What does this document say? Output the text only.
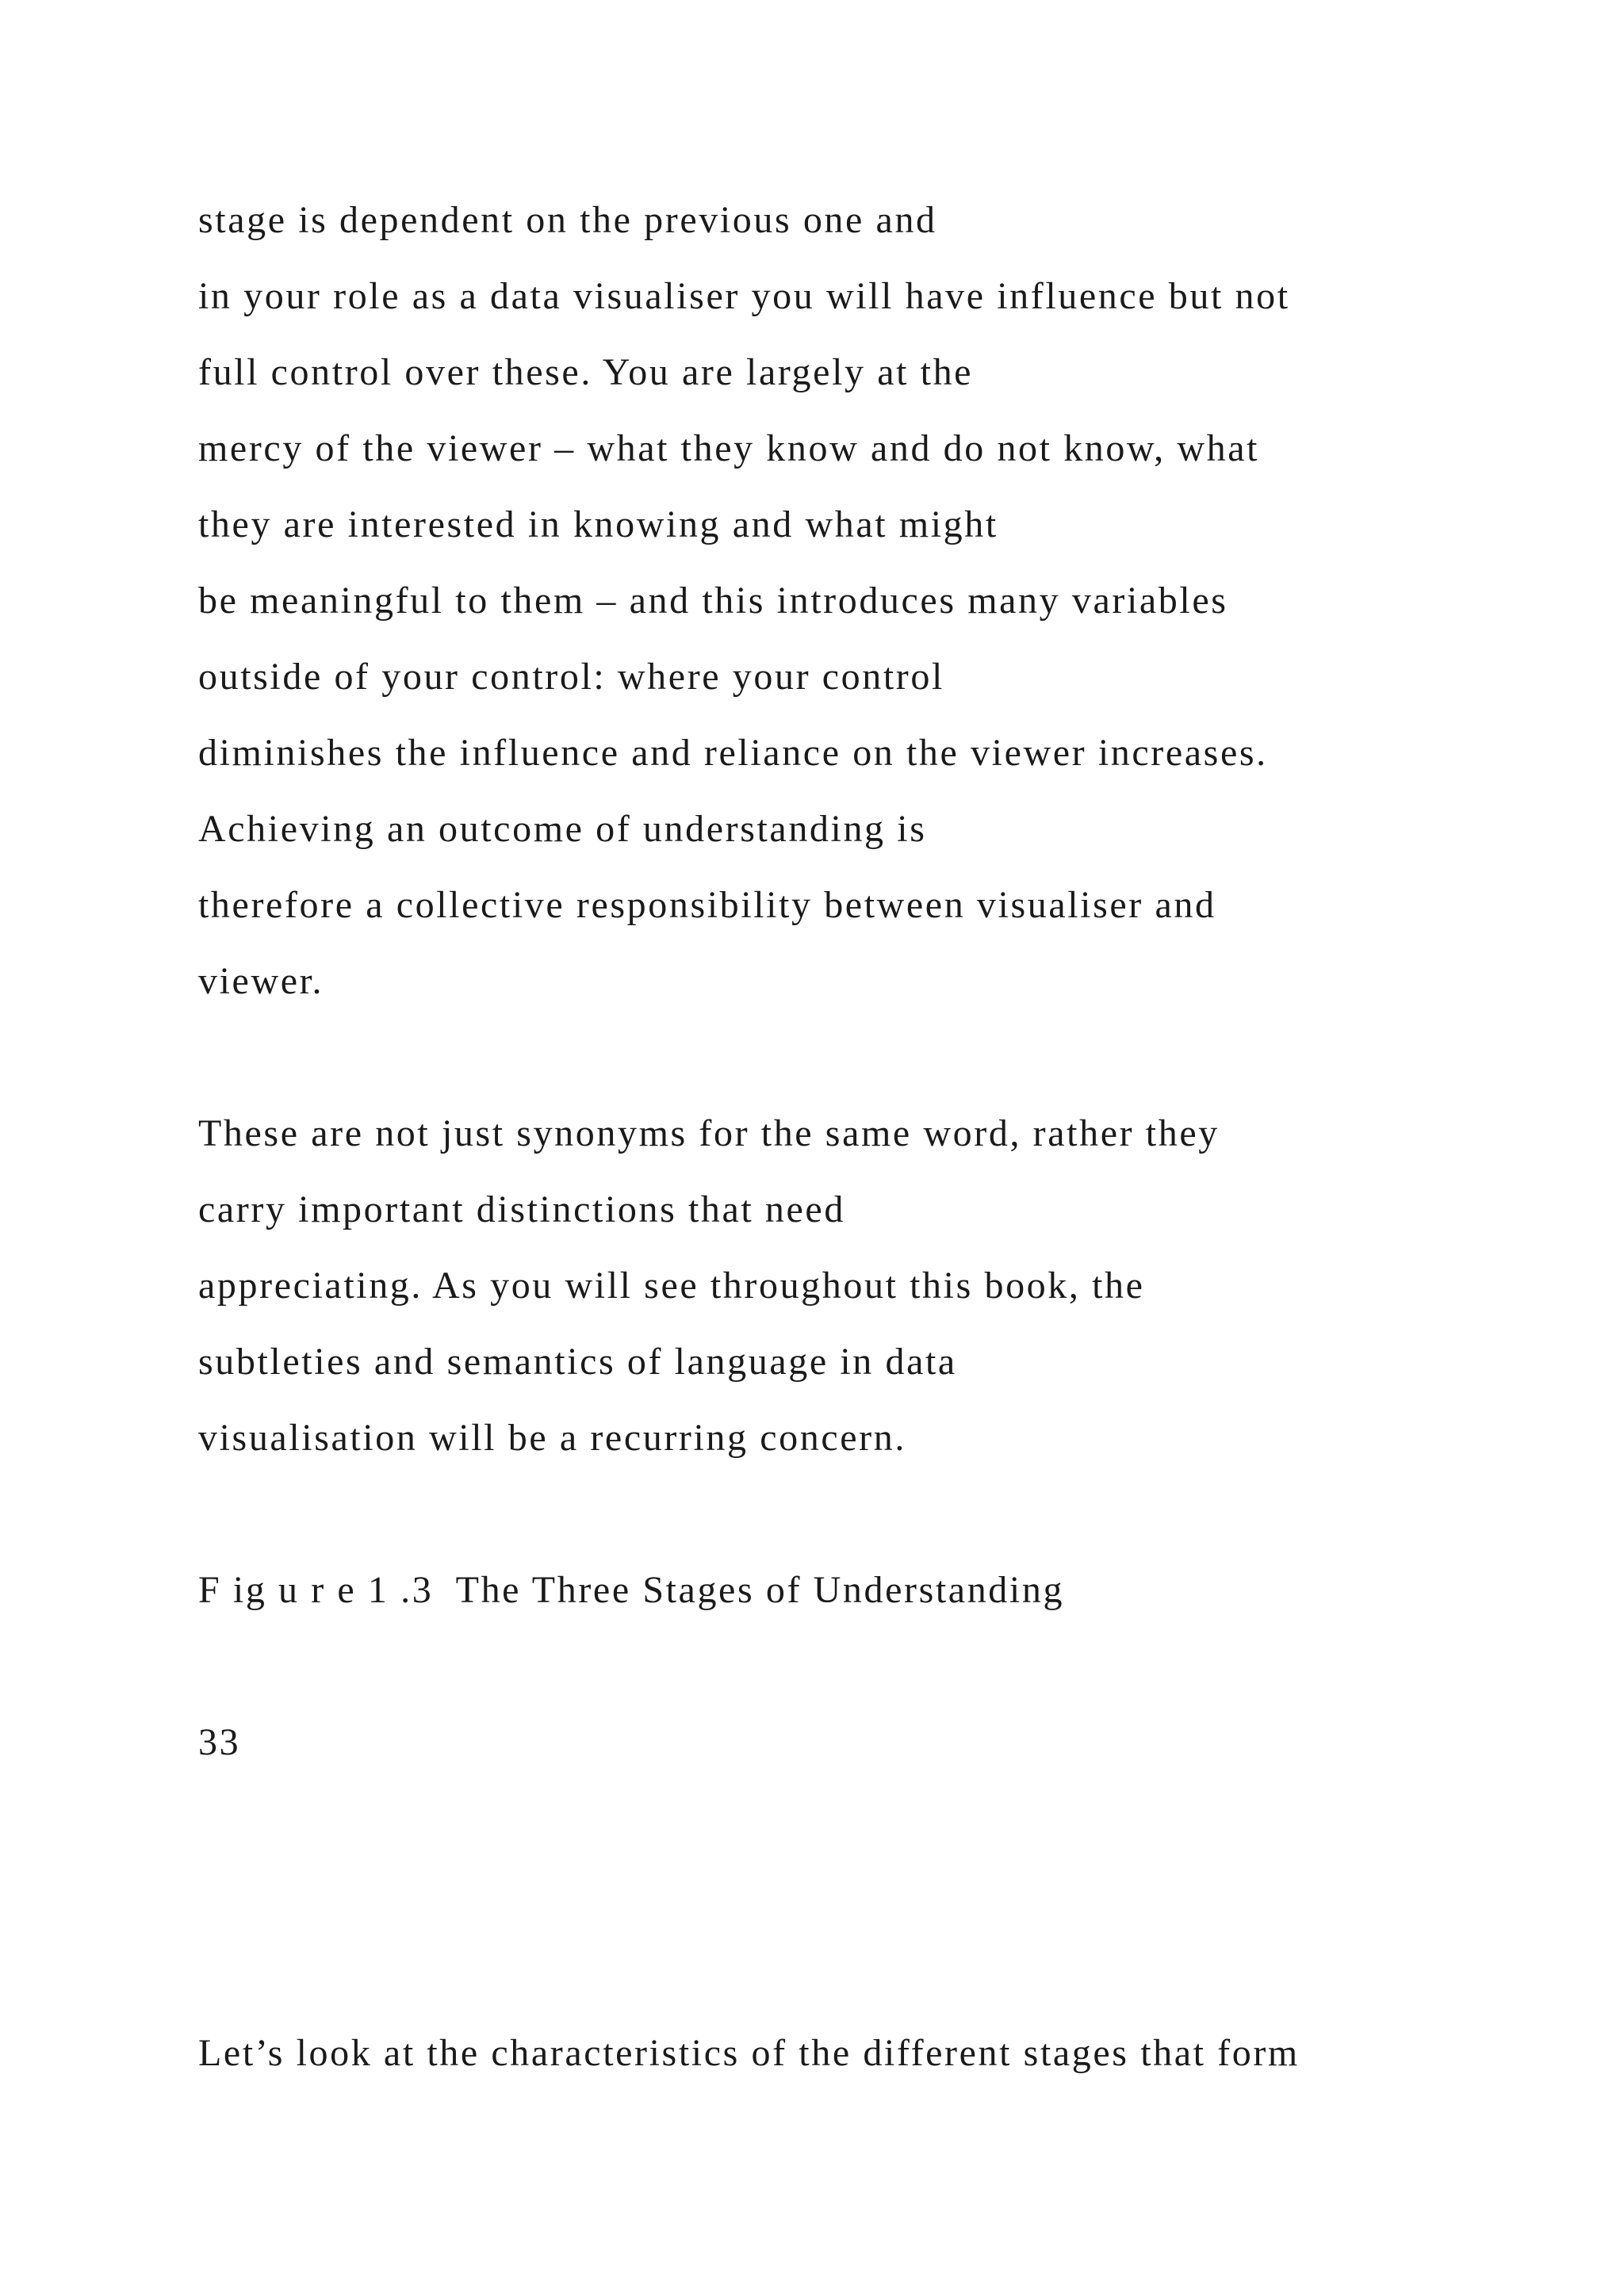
stage is dependent on the previous one and

in your role as a data visualiser you will have influence but not

full control over these. You are largely at the

mercy of the viewer – what they know and do not know, what

they are interested in knowing and what might

be meaningful to them – and this introduces many variables

outside of your control: where your control

diminishes the influence and reliance on the viewer increases.

Achieving an outcome of understanding is

therefore a collective responsibility between visualiser and

viewer.

These are not just synonyms for the same word, rather they

carry important distinctions that need

appreciating. As you will see throughout this book, the

subtleties and semantics of language in data

visualisation will be a recurring concern.

F ig u r e 1 .3  The Three Stages of Understanding

33

Let’s look at the characteristics of the different stages that form
